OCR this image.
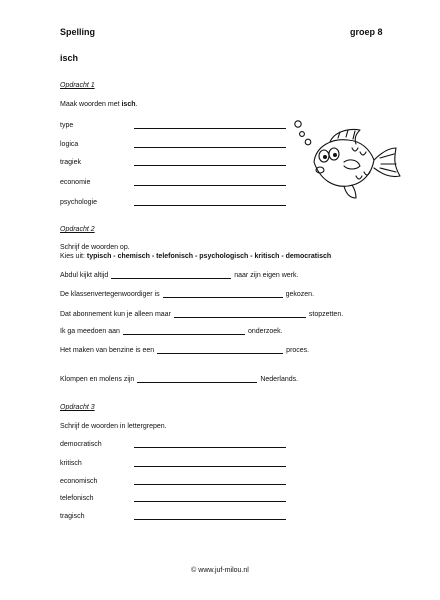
Spelling	groep 8
isch
Opdracht 1
Maak woorden met isch.
type
logica
tragiek
economie
psychologie
Opdracht 2
Schrijf de woorden op.
Kies uit: typisch - chemisch - telefonisch - psychologisch - kritisch - democratisch
Abdul kijkt altijd	naar zijn eigen werk.
De klassenvertegenwoordiger is	gekozen.
Dat abonnement kun je alleen maar	stopzetten.
Ik ga meedoen aan	onderzoek.
Het maken van benzine is een	proces.
Klompen en molens zijn	Nederlands.
Opdracht 3
Schrijf de woorden in lettergrepen.
democratisch
kritisch
economisch
telefonisch
tragisch
© www.juf-milou.nl
